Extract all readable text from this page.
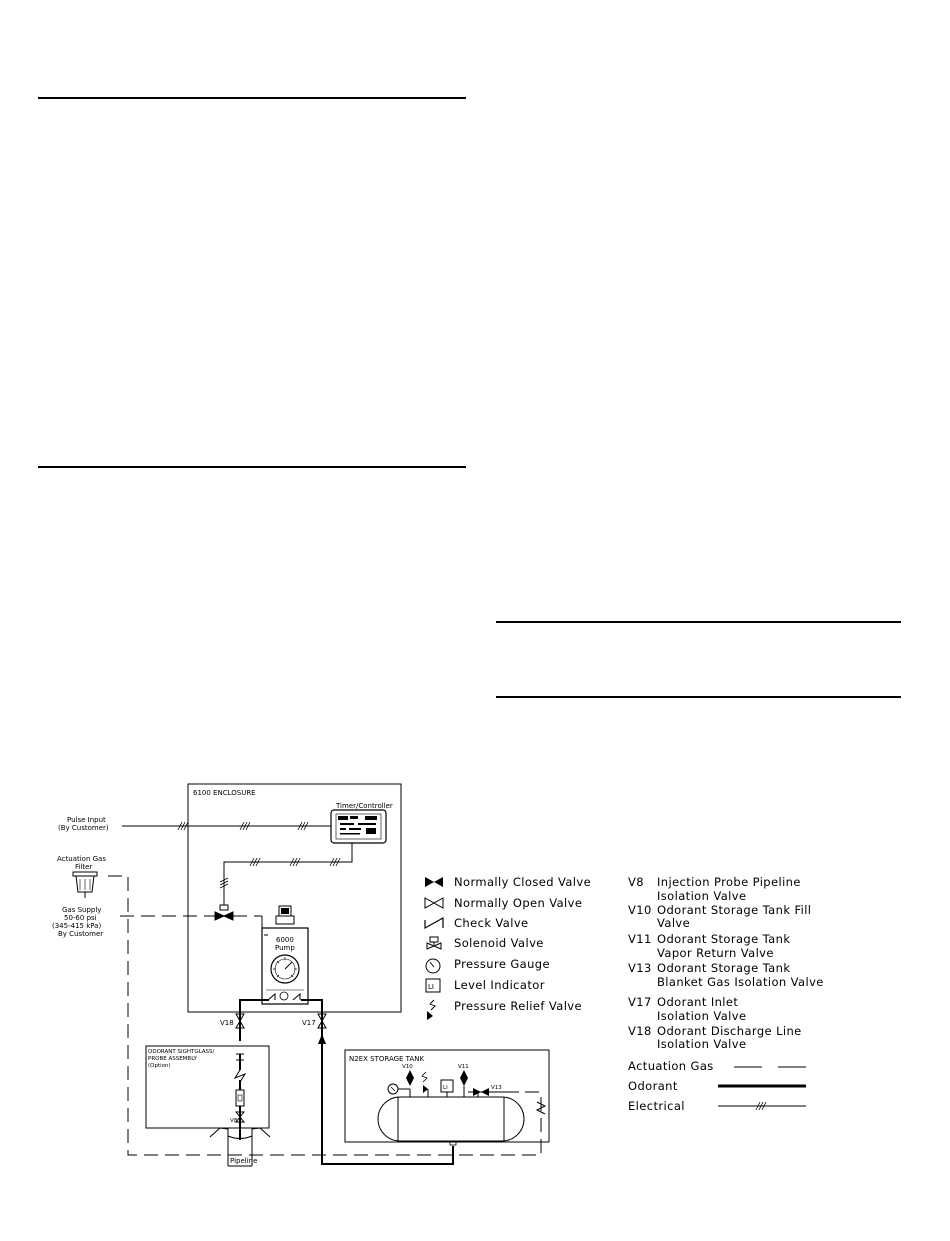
6100 ENCLOSURE
Timer/Controller
Pulse Input
(By Customer)
Actuation Gas
Filter
Gas Supply
50-60 psi
(345-415 kPa)
By Customer
6000
Pump
V18	V17
ODORANT SIGHTGLASS/
PROBE ASSEMBLY
(Option)
V8
Pipeline
N2EX STORAGE TANK
V10
LI
V11
V13
Normally Closed Valve
Normally Open Valve
Check Valve
Solenoid Valve
Pressure Gauge
LI Level Indicator
Pressure Relief Valve
V8 Injection Probe Pipeline
Isolation Valve
V10 Odorant Storage Tank Fill
Valve
V11 Odorant Storage Tank
Vapor Return Valve
V13 Odorant Storage Tank
Blanket Gas Isolation Valve
V17 Odorant Inlet
Isolation Valve
V18 Odorant Discharge Line
Isolation Valve
Actuation Gas
Odorant
Electrical
